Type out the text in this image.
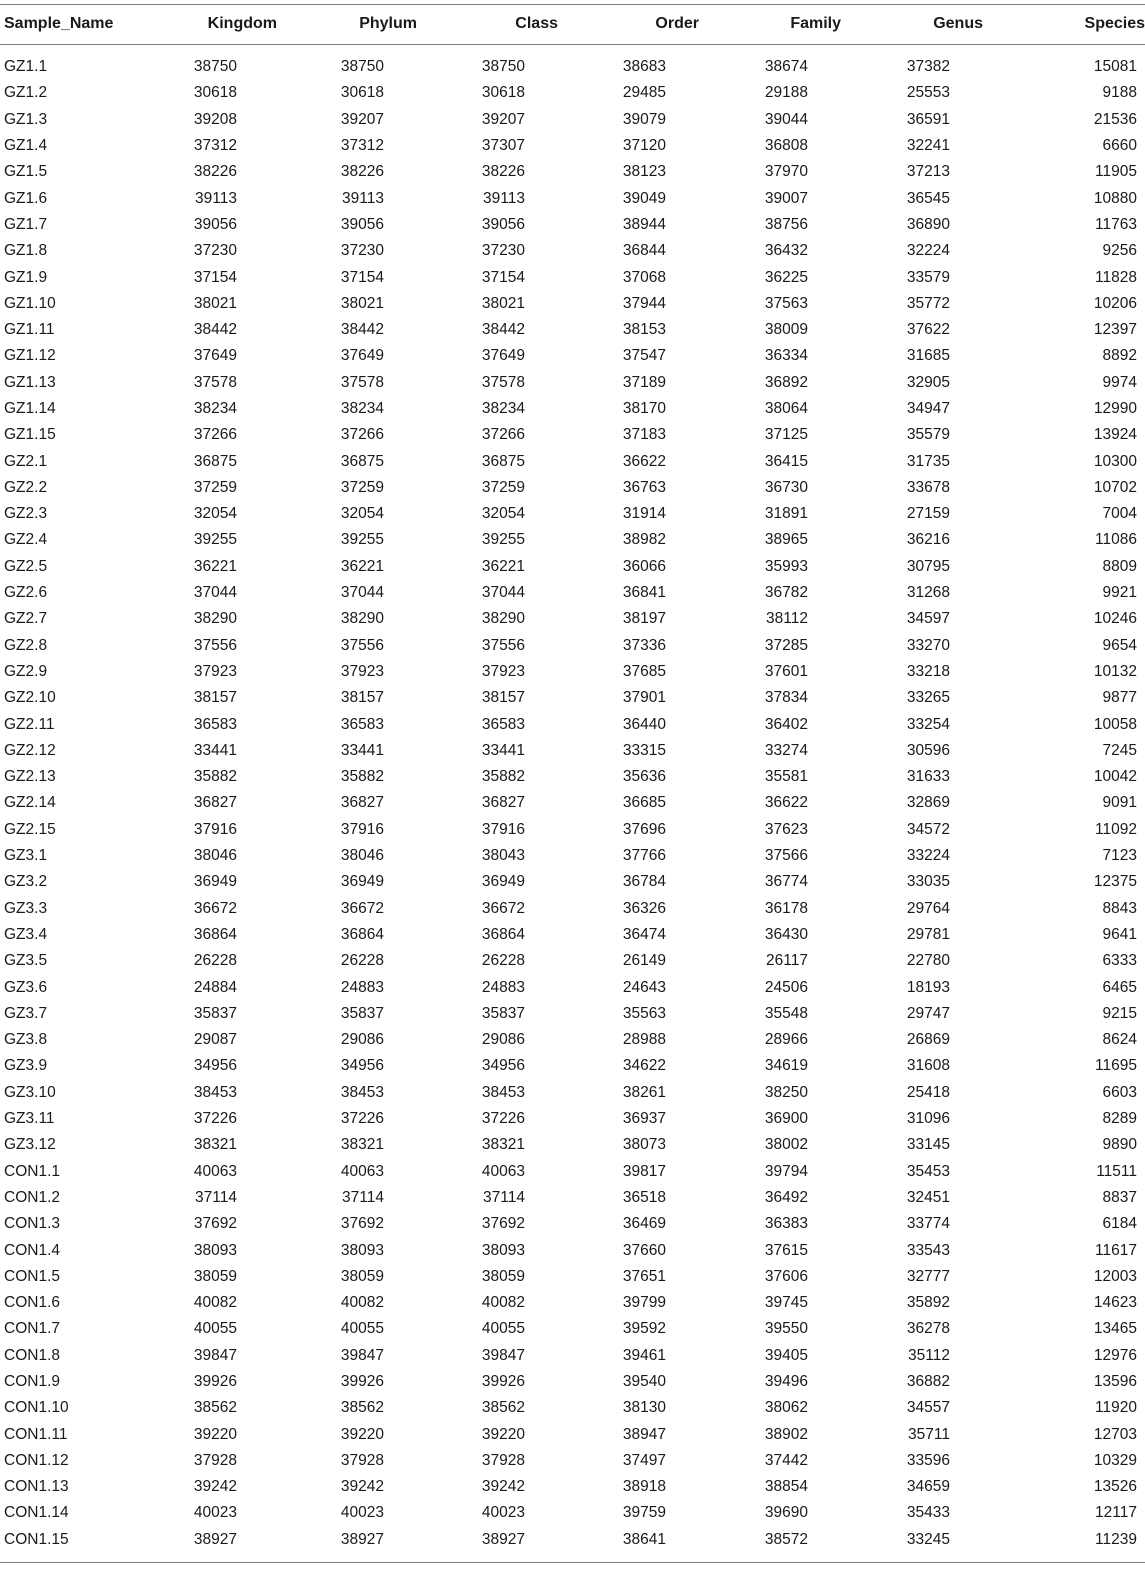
Sample_Name	Kingdom	Phylum	Class	Order	Family	Genus	Species
GZ1.1	38750	38750	38750	38683	38674	37382	15081
GZ1.2	30618	30618	30618	29485	29188	25553	9188
GZ1.3	39208	39207	39207	39079	39044	36591	21536
GZ1.4	37312	37312	37307	37120	36808	32241	6660
GZ1.5	38226	38226	38226	38123	37970	37213	11905
GZ1.6	39113	39113	39113	39049	39007	36545	10880
GZ1.7	39056	39056	39056	38944	38756	36890	11763
GZ1.8	37230	37230	37230	36844	36432	32224	9256
GZ1.9	37154	37154	37154	37068	36225	33579	11828
GZ1.10	38021	38021	38021	37944	37563	35772	10206
GZ1.11	38442	38442	38442	38153	38009	37622	12397
GZ1.12	37649	37649	37649	37547	36334	31685	8892
GZ1.13	37578	37578	37578	37189	36892	32905	9974
GZ1.14	38234	38234	38234	38170	38064	34947	12990
GZ1.15	37266	37266	37266	37183	37125	35579	13924
GZ2.1	36875	36875	36875	36622	36415	31735	10300
GZ2.2	37259	37259	37259	36763	36730	33678	10702
GZ2.3	32054	32054	32054	31914	31891	27159	7004
GZ2.4	39255	39255	39255	38982	38965	36216	11086
GZ2.5	36221	36221	36221	36066	35993	30795	8809
GZ2.6	37044	37044	37044	36841	36782	31268	9921
GZ2.7	38290	38290	38290	38197	38112	34597	10246
GZ2.8	37556	37556	37556	37336	37285	33270	9654
GZ2.9	37923	37923	37923	37685	37601	33218	10132
GZ2.10	38157	38157	38157	37901	37834	33265	9877
GZ2.11	36583	36583	36583	36440	36402	33254	10058
GZ2.12	33441	33441	33441	33315	33274	30596	7245
GZ2.13	35882	35882	35882	35636	35581	31633	10042
GZ2.14	36827	36827	36827	36685	36622	32869	9091
GZ2.15	37916	37916	37916	37696	37623	34572	11092
GZ3.1	38046	38046	38043	37766	37566	33224	7123
GZ3.2	36949	36949	36949	36784	36774	33035	12375
GZ3.3	36672	36672	36672	36326	36178	29764	8843
GZ3.4	36864	36864	36864	36474	36430	29781	9641
GZ3.5	26228	26228	26228	26149	26117	22780	6333
GZ3.6	24884	24883	24883	24643	24506	18193	6465
GZ3.7	35837	35837	35837	35563	35548	29747	9215
GZ3.8	29087	29086	29086	28988	28966	26869	8624
GZ3.9	34956	34956	34956	34622	34619	31608	11695
GZ3.10	38453	38453	38453	38261	38250	25418	6603
GZ3.11	37226	37226	37226	36937	36900	31096	8289
GZ3.12	38321	38321	38321	38073	38002	33145	9890
CON1.1	40063	40063	40063	39817	39794	35453	11511
CON1.2	37114	37114	37114	36518	36492	32451	8837
CON1.3	37692	37692	37692	36469	36383	33774	6184
CON1.4	38093	38093	38093	37660	37615	33543	11617
CON1.5	38059	38059	38059	37651	37606	32777	12003
CON1.6	40082	40082	40082	39799	39745	35892	14623
CON1.7	40055	40055	40055	39592	39550	36278	13465
CON1.8	39847	39847	39847	39461	39405	35112	12976
CON1.9	39926	39926	39926	39540	39496	36882	13596
CON1.10	38562	38562	38562	38130	38062	34557	11920
CON1.11	39220	39220	39220	38947	38902	35711	12703
CON1.12	37928	37928	37928	37497	37442	33596	10329
CON1.13	39242	39242	39242	38918	38854	34659	13526
CON1.14	40023	40023	40023	39759	39690	35433	12117
CON1.15	38927	38927	38927	38641	38572	33245	11239
